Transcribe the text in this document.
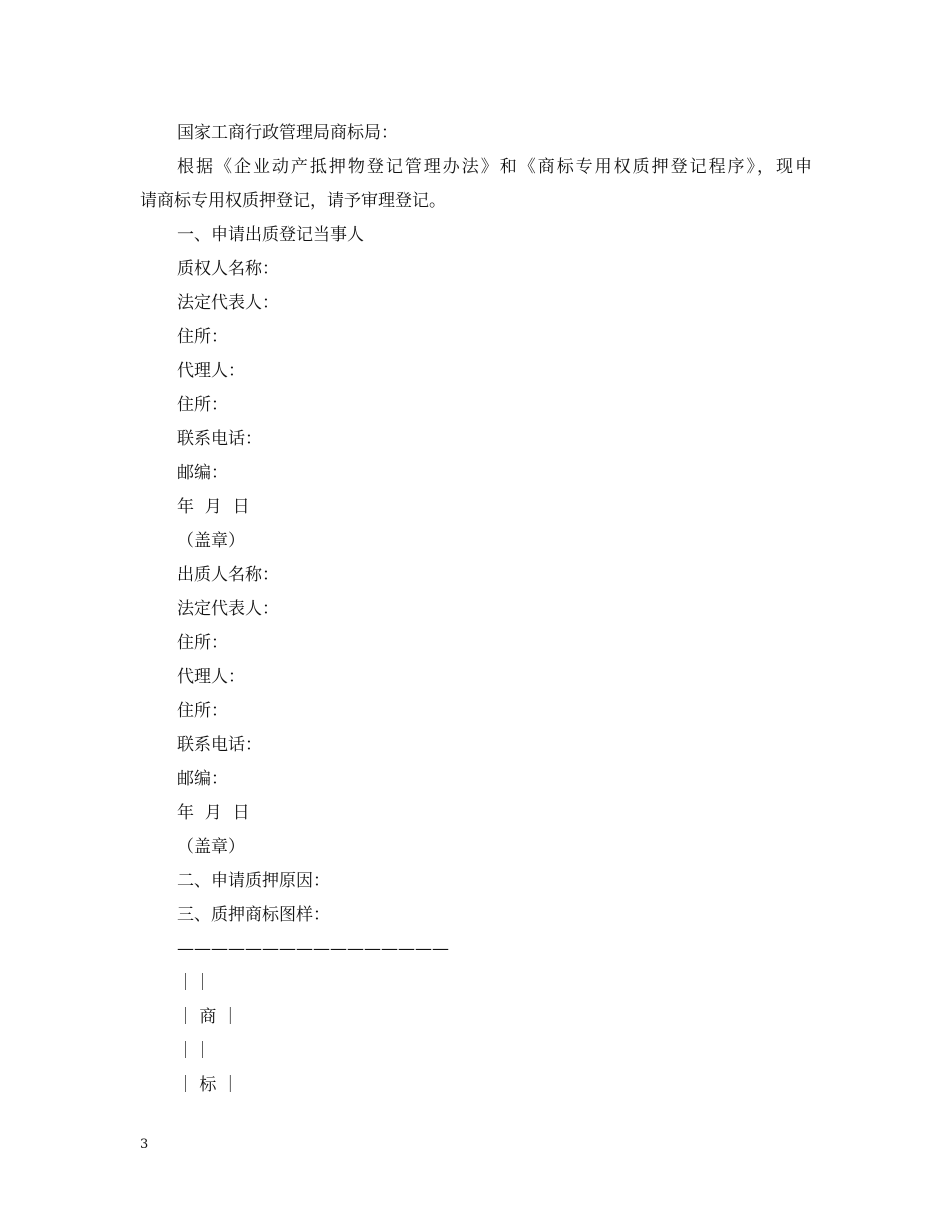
国家工商行政管理局商标局：
根据《企业动产抵押物登记管理办法》和《商标专用权质押登记程序》，现申
请商标专用权质押登记，请予审理登记。
一、申请出质登记当事人
质权人名称：
法定代表人：
住所：
代理人：
住所：
联系电话：
邮编：
年  月  日
（盖章）
出质人名称：
法定代表人：
住所：
代理人：
住所：
联系电话：
邮编：
年  月  日
（盖章）
二、申请质押原因：
三、质押商标图样：
————————————————
｜｜
｜ 商 ｜
｜｜
｜ 标 ｜
3
